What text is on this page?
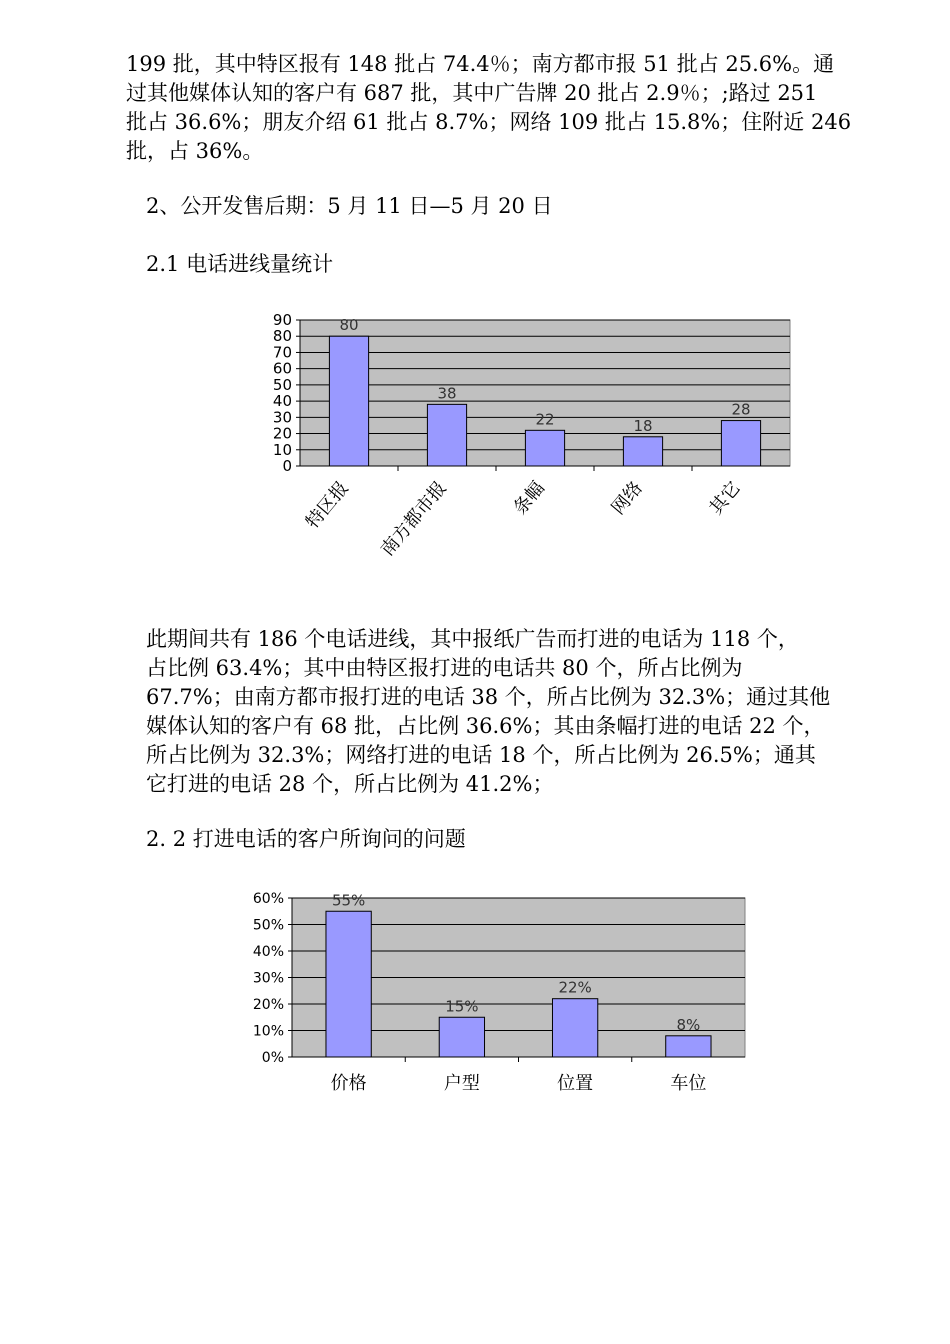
199 批，其中特区报有 148 批占 74.4％；南方都市报 51 批占 25.6%。通
过其他媒体认知的客户有 687 批，其中广告牌 20 批占 2.9％；;路过 251
批占 36.6%；朋友介绍 61 批占 8.7%；网络 109 批占 15.8%；住附近 246
批，占 36%。
2、公开发售后期：5 月 11 日—5 月 20 日
2.1 电话进线量统计
0
10
20
30
40
50
60
70
80
90	80
特区报
38
南方都市报
22
条幅
18
网络
28
其它
此期间共有 186 个电话进线，其中报纸广告而打进的电话为 118 个，
占比例 63.4%；其中由特区报打进的电话共 80 个，所占比例为
67.7%；由南方都市报打进的电话 38 个，所占比例为 32.3%；通过其他
媒体认知的客户有 68 批，占比例 36.6%；其由条幅打进的电话 22 个，
所占比例为 32.3%；网络打进的电话 18 个，所占比例为 26.5%；通其
它打进的电话 28 个，所占比例为 41.2%；
2. 2 打进电话的客户所询问的问题
0%
10%
20%
30%
40%
50%
60%	55%
价格
15%
户型
22%
位置
8%
车位
